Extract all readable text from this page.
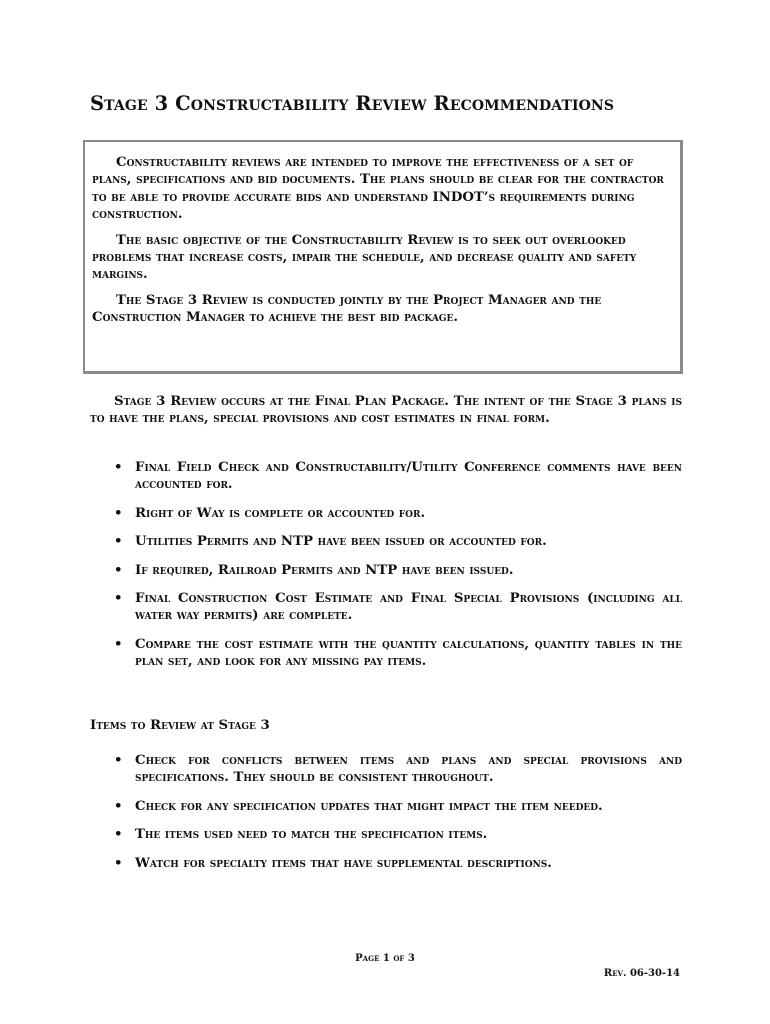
Stage 3 Constructability Review Recommendations

Constructability reviews are intended to improve the effectiveness of a set of plans, specifications and bid documents. The plans should be clear for the contractor to be able to provide accurate bids and understand INDOT’s requirements during construction.

The basic objective of the Constructability Review is to seek out overlooked problems that increase costs, impair the schedule, and decrease quality and safety margins.

The Stage 3 Review is conducted jointly by the Project Manager and the Construction Manager to achieve the best bid package.

Stage 3 Review occurs at the Final Plan Package. The intent of the Stage 3 plans is to have the plans, special provisions and cost estimates in final form.
• Final Field Check and Constructability/Utility Conference comments have been accounted for.
• Right of Way is complete or accounted for.
• Utilities Permits and NTP have been issued or accounted for.
• If required, Railroad Permits and NTP have been issued.
• Final Construction Cost Estimate and Final Special Provisions (including all water way permits) are complete.
• Compare the cost estimate with the quantity calculations, quantity tables in the plan set, and look for any missing pay items.
Items to Review at Stage 3
• Check for conflicts between items and plans and special provisions and specifications. They should be consistent throughout.
• Check for any specification updates that might impact the item needed.
• The items used need to match the specification items.
• Watch for specialty items that have supplemental descriptions.
Page 1 of 3
Rev. 06-30-14
